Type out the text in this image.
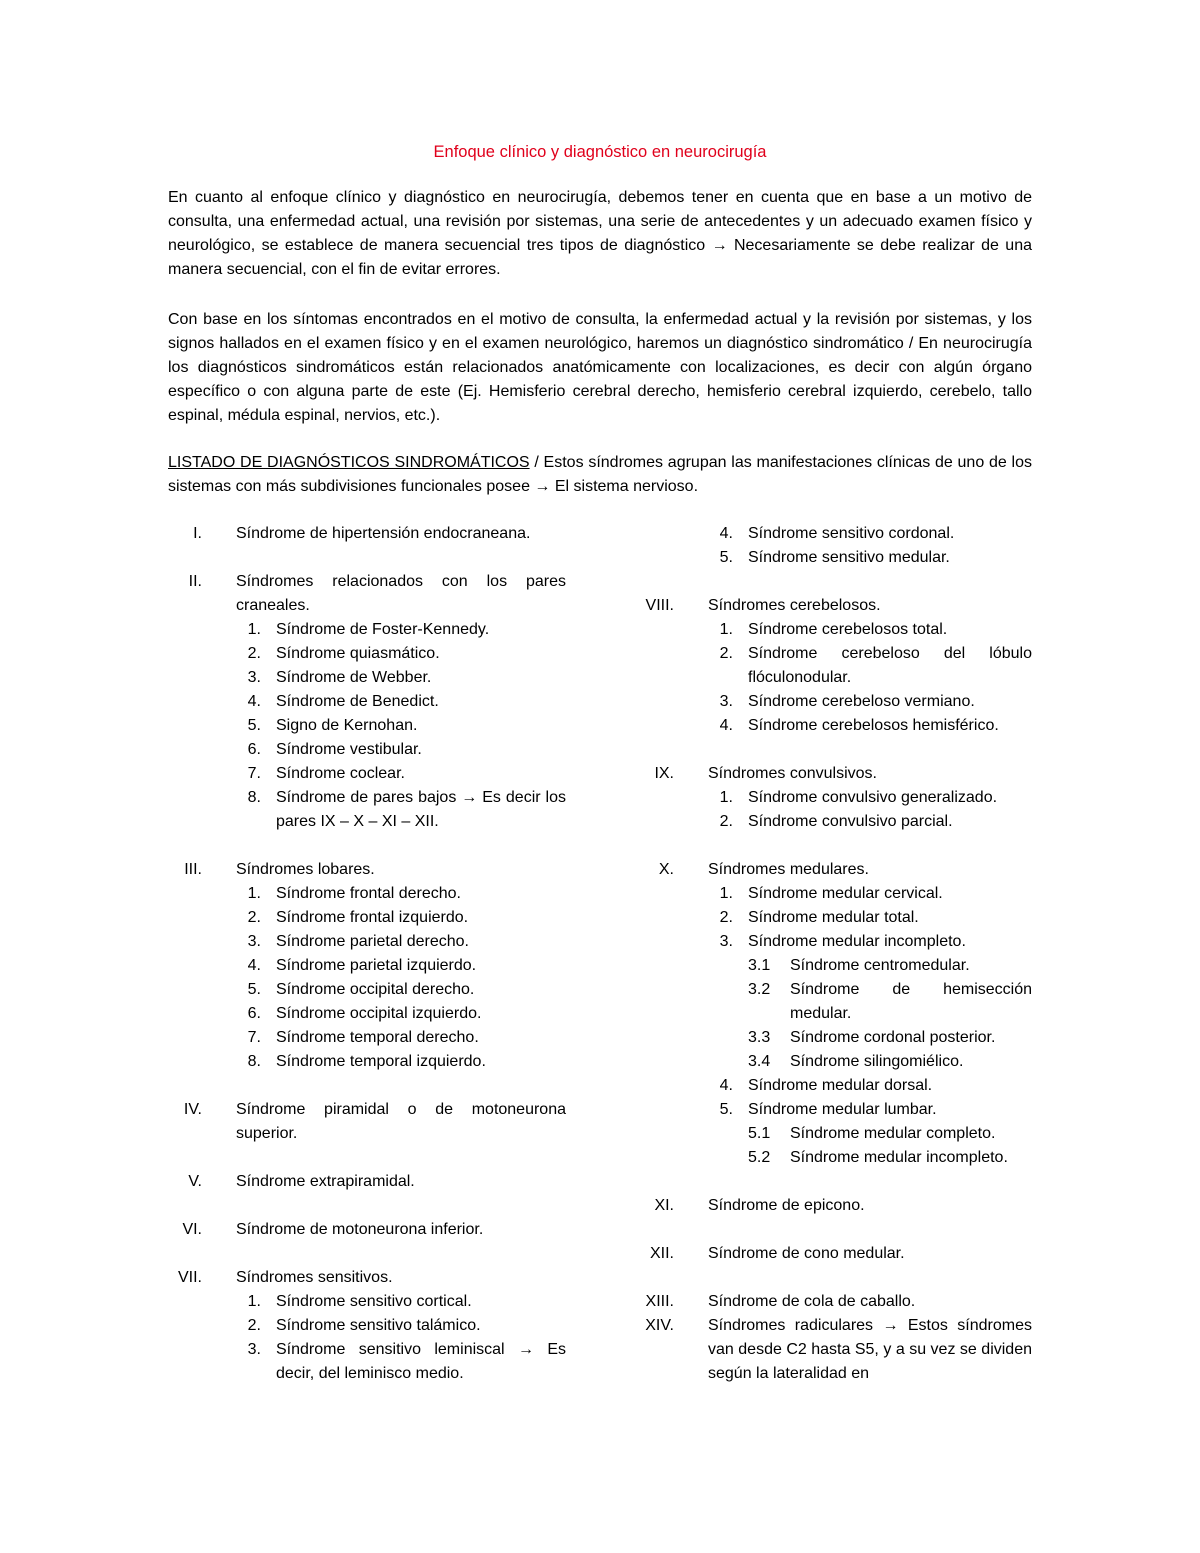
Enfoque clínico y diagnóstico en neurocirugía
En cuanto al enfoque clínico y diagnóstico en neurocirugía, debemos tener en cuenta que en base a un motivo de consulta, una enfermedad actual, una revisión por sistemas, una serie de antecedentes y un adecuado examen físico y neurológico, se establece de manera secuencial tres tipos de diagnóstico → Necesariamente se debe realizar de una manera secuencial, con el fin de evitar errores.
Con base en los síntomas encontrados en el motivo de consulta, la enfermedad actual y la revisión por sistemas, y los signos hallados en el examen físico y en el examen neurológico, haremos un diagnóstico sindromático / En neurocirugía los diagnósticos sindromáticos están relacionados anatómicamente con localizaciones, es decir con algún órgano específico o con alguna parte de este (Ej. Hemisferio cerebral derecho, hemisferio cerebral izquierdo, cerebelo, tallo espinal, médula espinal, nervios, etc.).
LISTADO DE DIAGNÓSTICOS SINDROMÁTICOS / Estos síndromes agrupan las manifestaciones clínicas de uno de los sistemas con más subdivisiones funcionales posee → El sistema nervioso.
I. Síndrome de hipertensión endocraneana.
II. Síndromes relacionados con los pares craneales.
1. Síndrome de Foster-Kennedy.
2. Síndrome quiasmático.
3. Síndrome de Webber.
4. Síndrome de Benedict.
5. Signo de Kernohan.
6. Síndrome vestibular.
7. Síndrome coclear.
8. Síndrome de pares bajos → Es decir los pares IX – X – XI – XII.
III. Síndromes lobares.
1. Síndrome frontal derecho.
2. Síndrome frontal izquierdo.
3. Síndrome parietal derecho.
4. Síndrome parietal izquierdo.
5. Síndrome occipital derecho.
6. Síndrome occipital izquierdo.
7. Síndrome temporal derecho.
8. Síndrome temporal izquierdo.
IV. Síndrome piramidal o de motoneurona superior.
V. Síndrome extrapiramidal.
VI. Síndrome de motoneurona inferior.
VII. Síndromes sensitivos.
1. Síndrome sensitivo cortical.
2. Síndrome sensitivo talámico.
3. Síndrome sensitivo leminiscal → Es decir, del leminisco medio.
4. Síndrome sensitivo cordonal.
5. Síndrome sensitivo medular.
VIII. Síndromes cerebelosos.
1. Síndrome cerebelosos total.
2. Síndrome cerebeloso del lóbulo flóculonodular.
3. Síndrome cerebeloso vermiano.
4. Síndrome cerebelosos hemisférico.
IX. Síndromes convulsivos.
1. Síndrome convulsivo generalizado.
2. Síndrome convulsivo parcial.
X. Síndromes medulares.
1. Síndrome medular cervical.
2. Síndrome medular total.
3. Síndrome medular incompleto.
3.1	Síndrome centromedular.
3.2	Síndrome de hemisección medular.
3.3	Síndrome cordonal posterior.
3.4	Síndrome silingomiélico.
4. Síndrome medular dorsal.
5. Síndrome medular lumbar.
5.1	Síndrome medular completo.
5.2	Síndrome medular incompleto.
XI. Síndrome de epicono.
XII. Síndrome de cono medular.
XIII. Síndrome de cola de caballo.
XIV. Síndromes radiculares → Estos síndromes van desde C2 hasta S5, y a su vez se dividen según la lateralidad en
